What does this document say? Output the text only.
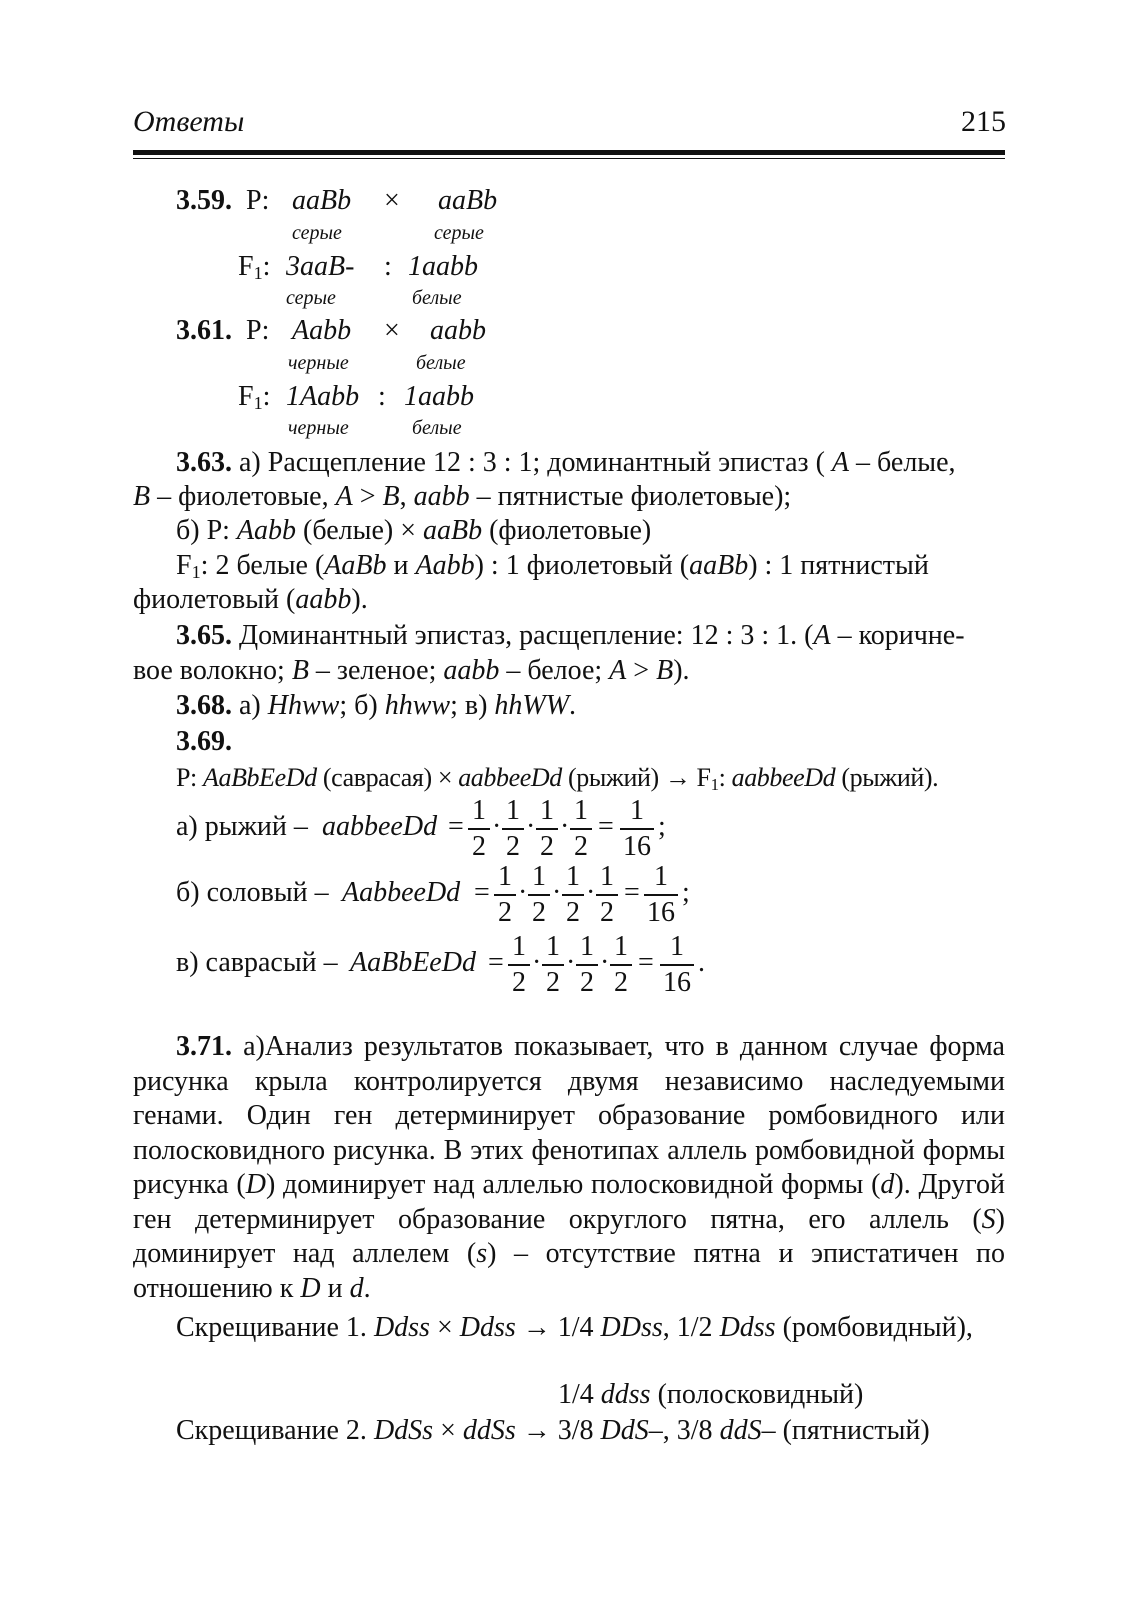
Ответы	215
3.59. P: aaBb × aaBb
серые	серые
$F_1$: 3aaB- : 1aabb
серые	белые
3.61. P: Aabb × aabb
черные	белые
$F_1$: 1Aabb : 1aabb
черные	белые
3.63. а) Расщепление 12 : 3 : 1; доминантный эпистаз ( A – белые,
B – фиолетовые, A > B, aabb – пятнистые фиолетовые);
б) P: Aabb (белые) × aaBb (фиолетовые)
$F_1$: 2 белые (AaBb и Aabb) : 1 фиолетовый (aaBb) : 1 пятнистый
фиолетовый (aabb).
3.65. Доминантный эпистаз, расщепление: 12 : 3 : 1. (A – коричне-
вое волокно; B – зеленое; aabb – белое; A > B).
3.68. а) Hhww; б) hhww; в) hhWW.
3.69.
P: AaBbEeDd (саврасая) × aabbeeDd (рыжий) → $F_1$: aabbeeDd (рыжий).
а) рыжий – aabbeeDd =
1
2
·
1
2
·
1
2
·
1
2
=
1
16
;
б) соловый – AabbeeDd =
1
2
·
1
2
·
1
2
·
1
2
=
1
16
;
в) саврасый – AaBbEeDd =
1
2
·
1
2
·
1
2
·
1
2
=
1
16
.
3.71. а)Анализ результатов показывает, что в данном случае форма рисунка крыла контролируется двумя независимо наследуемыми генами. Один ген детерминирует образование ромбовидного или полосковидного рисунка. В этих фенотипах аллель ромбовидной формы рисунка (D) доминирует над аллелью полосковидной формы (d). Другой ген детерминирует образование округлого пятна, его аллель (S) доминирует над аллелем (s) – отсутствие пятна и эпистатичен по отношению к D и d.
Скрещивание 1. Ddss × Ddss → 1/4 DDss, 1/2 Ddss (ромбовидный),
1/4 ddss (полосковидный)
Скрещивание 2. DdSs × ddSs → 3/8 DdS–, 3/8 ddS– (пятнистый)
